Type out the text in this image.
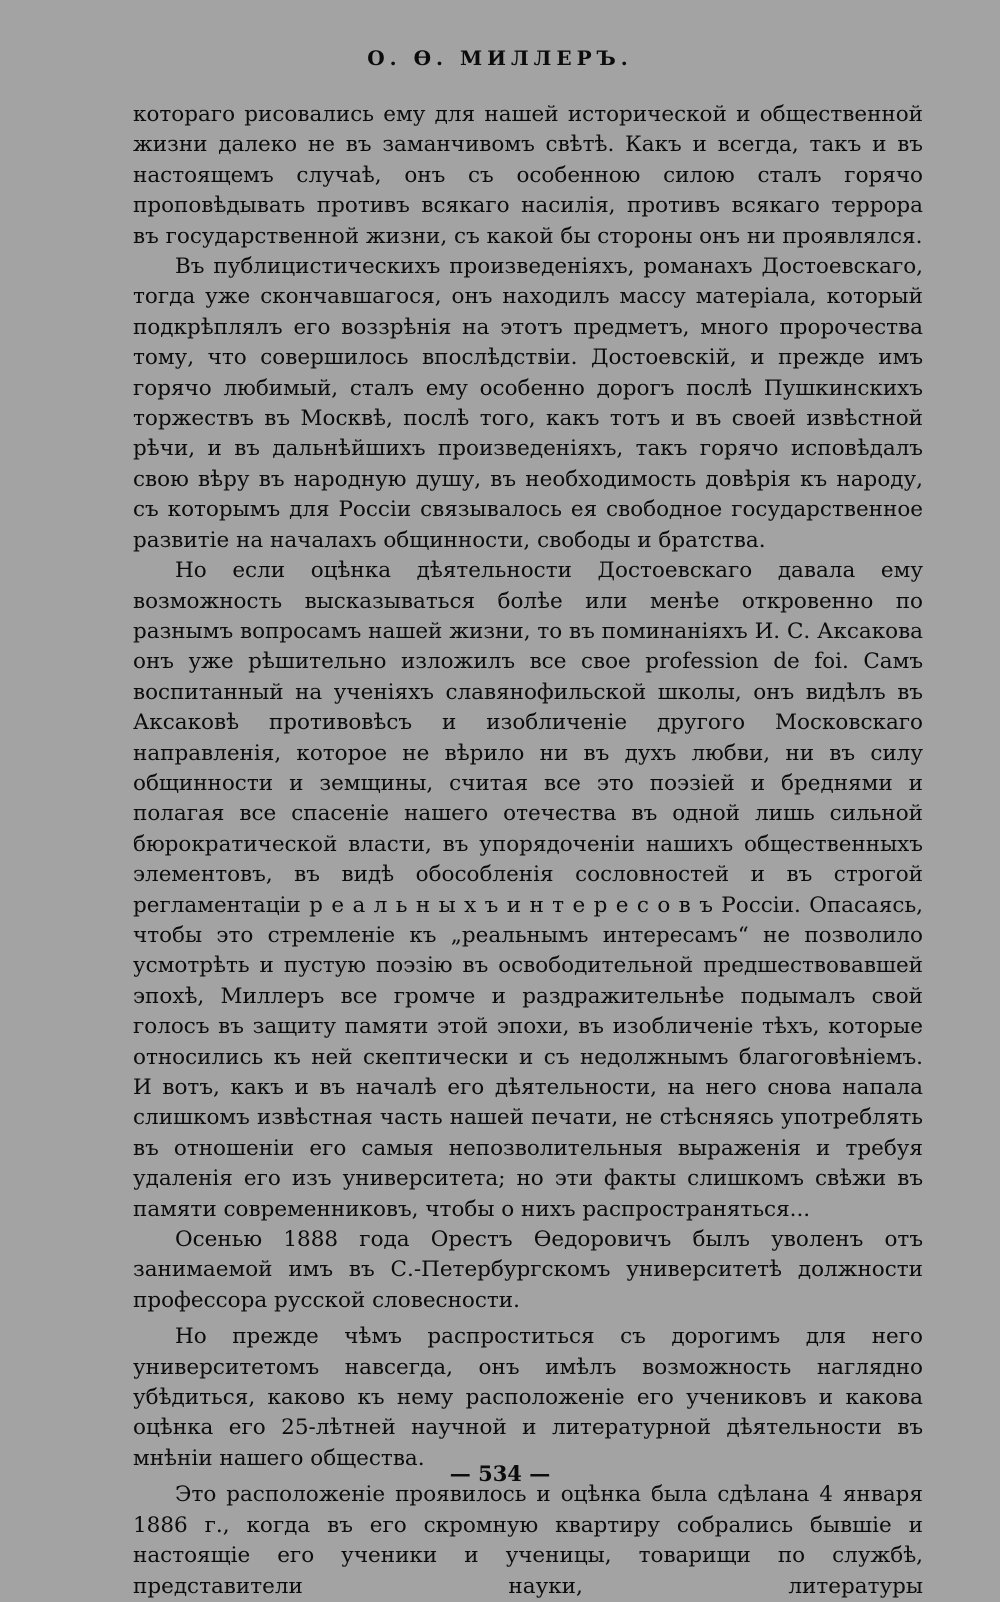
О. Ѳ. МИЛЛЕРЪ.

котораго рисовались ему для нашей исторической и общественной жизни далеко не въ заманчивомъ свѣтѣ. Какъ и всегда, такъ и въ настоящемъ случаѣ, онъ съ особенною силою сталъ горячо проповѣдывать противъ всякаго насилія, противъ всякаго террора въ государственной жизни, съ какой бы стороны онъ ни проявлялся.

Въ публицистическихъ произведеніяхъ, романахъ Достоевскаго, тогда уже скончавшагося, онъ находилъ массу матеріала, который подкрѣплялъ его воззрѣнія на этотъ предметъ, много пророчества тому, что совершилось впослѣдствіи. Достоевскій, и прежде имъ горячо любимый, сталъ ему особенно дорогъ послѣ Пушкинскихъ торжествъ въ Москвѣ, послѣ того, какъ тотъ и въ своей извѣстной рѣчи, и въ дальнѣйшихъ произведеніяхъ, такъ горячо исповѣдалъ свою вѣру въ народную душу, въ необходимость довѣрія къ народу, съ которымъ для Россіи связывалось ея свободное государственное развитіе на началахъ общинности, свободы и братства.

Но если оцѣнка дѣятельности Достоевскаго давала ему возможность высказываться болѣе или менѣе откровенно по разнымъ вопросамъ нашей жизни, то въ поминаніяхъ И. С. Аксакова онъ уже рѣшительно изложилъ все свое profession de foi. Самъ воспитанный на ученіяхъ славянофильской школы, онъ видѣлъ въ Аксаковѣ противовѣсъ и изобличеніе другого Московскаго направленія, которое не вѣрило ни въ духъ любви, ни въ силу общинности и земщины, считая все это поэзіей и бреднями и полагая все спасеніе нашего отечества въ одной лишь сильной бюрократической власти, въ упорядоченіи нашихъ общественныхъ элементовъ, въ видѣ обособленія сословностей и въ строгой регламентаціи р е а л ь н ы х ъ и н т е р е с о в ъ Россіи. Опасаясь, чтобы это стремленіе къ „реальнымъ интересамъ“ не позволило усмотрѣть и пустую поэзію въ освободительной предшествовавшей эпохѣ, Миллеръ все громче и раздражительнѣе подымалъ свой голосъ въ защиту памяти этой эпохи, въ изобличеніе тѣхъ, которые относились къ ней скептически и съ недолжнымъ благоговѣніемъ. И вотъ, какъ и въ началѣ его дѣятельности, на него снова напала слишкомъ извѣстная часть нашей печати, не стѣсняясь употреблять въ отношеніи его самыя непозволительныя выраженія и требуя удаленія его изъ университета; но эти факты слишкомъ свѣжи въ памяти современниковъ, чтобы о нихъ распространяться...

Осенью 1888 года Орестъ Ѳедоровичъ былъ уволенъ отъ занимаемой имъ въ С.-Петербургскомъ университетѣ должности профессора русской словесности.

Но прежде чѣмъ распроститься съ дорогимъ для него университетомъ навсегда, онъ имѣлъ возможность наглядно убѣдиться, каково къ нему расположеніе его учениковъ и какова оцѣнка его 25-лѣтней научной и литературной дѣятельности въ мнѣніи нашего общества.

Это расположеніе проявилось и оцѣнка была сдѣлана 4 января 1886 г., когда въ его скромную квартиру собрались бывшіе и настоящіе его ученики и ученицы, товарищи по службѣ, представители науки, литературы

— 534 —
